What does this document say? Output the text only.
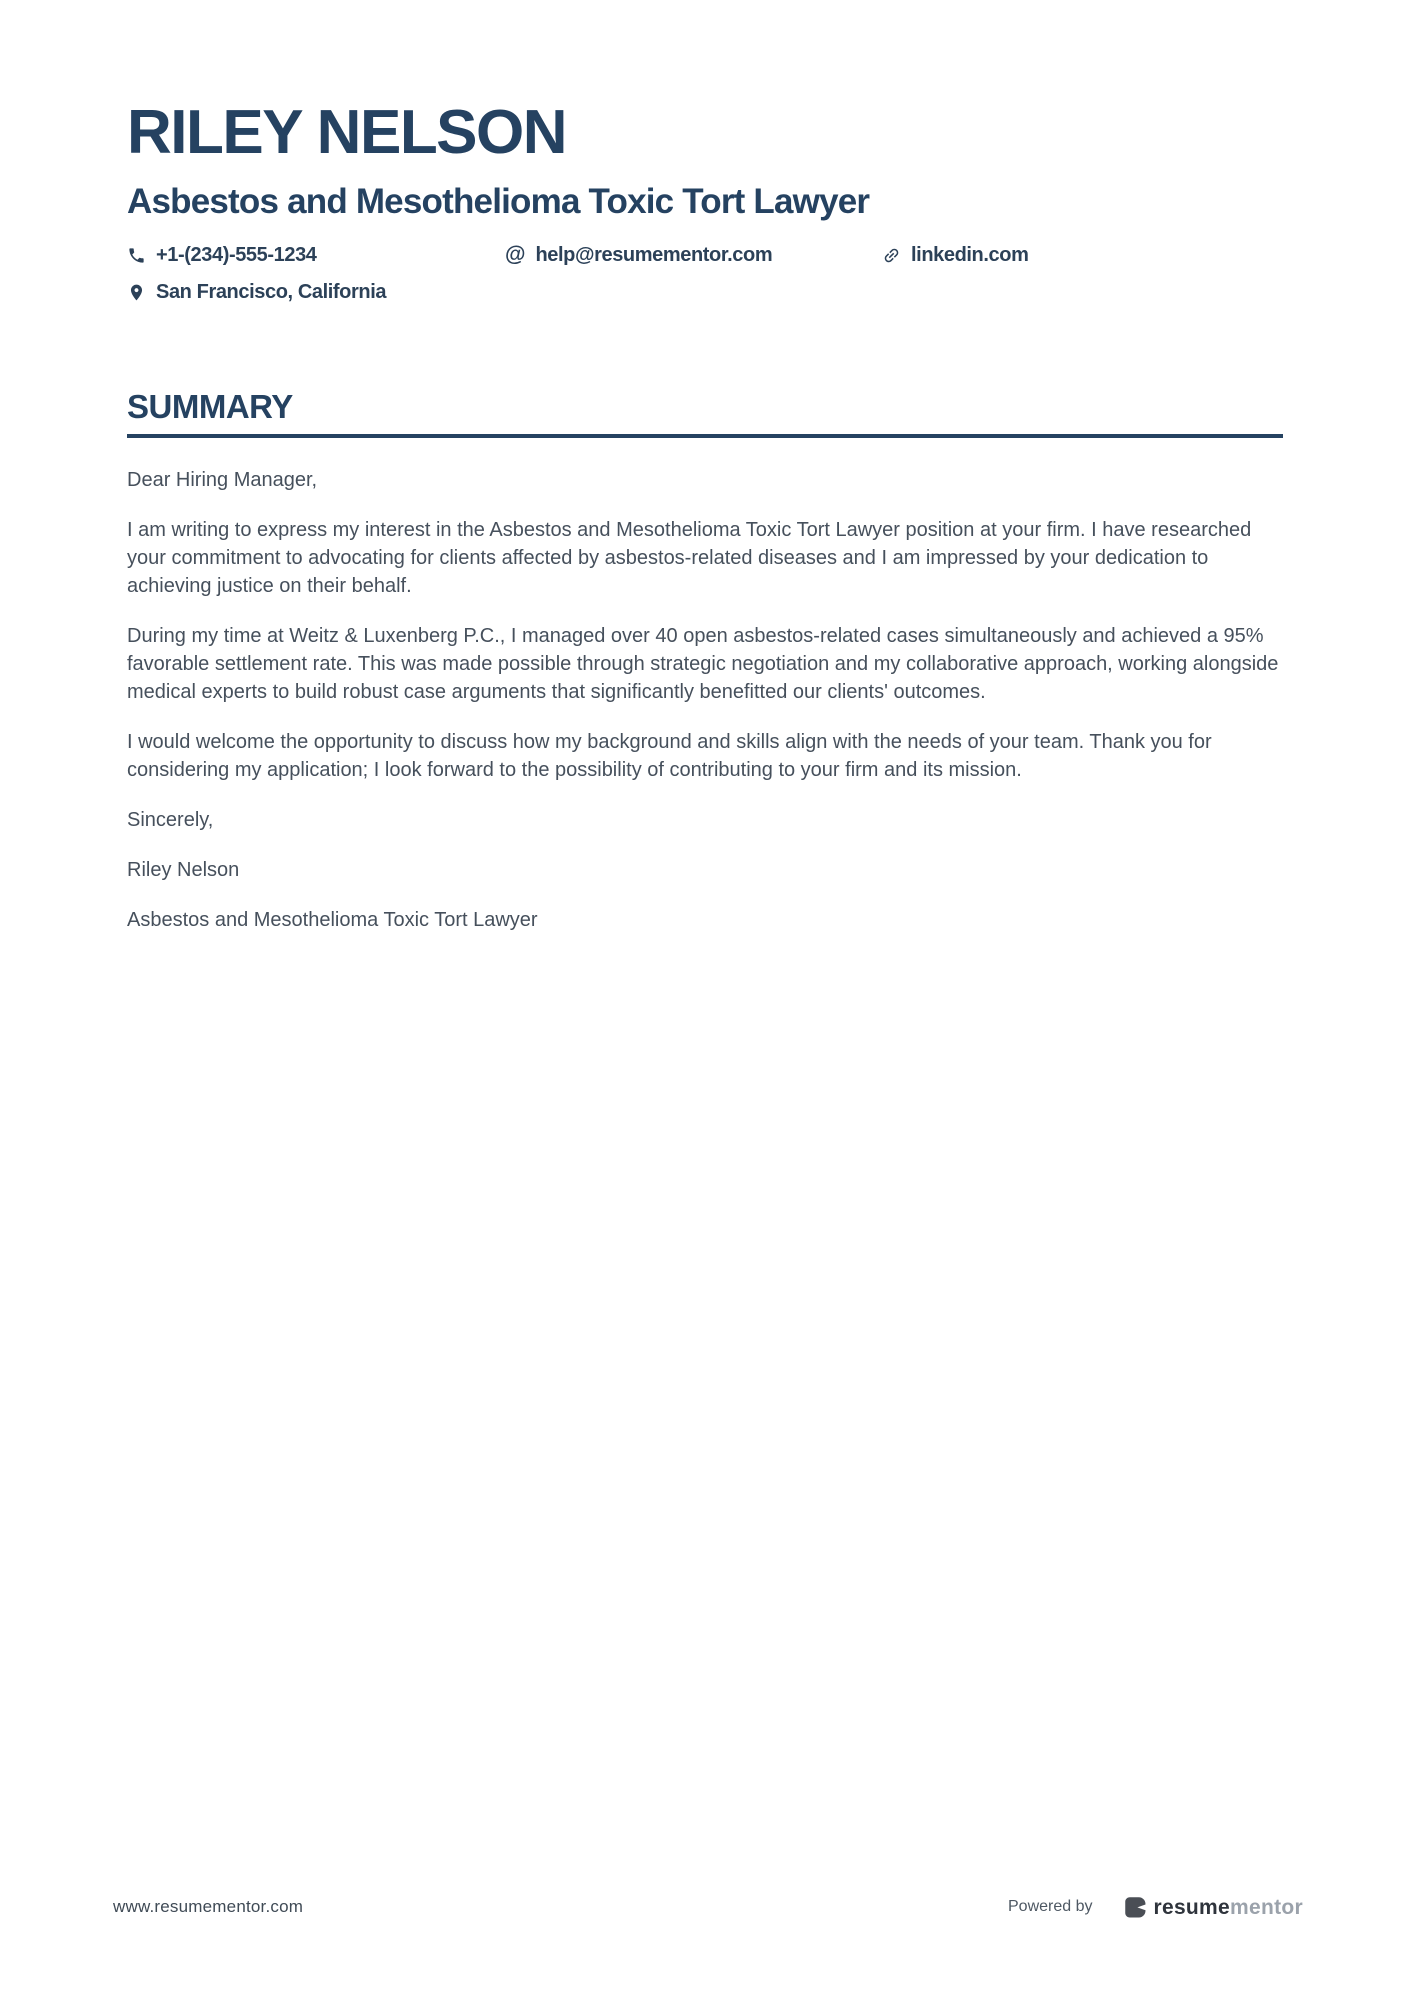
RILEY NELSON
Asbestos and Mesothelioma Toxic Tort Lawyer
+1-(234)-555-1234	@ help@resumementor.com	linkedin.com
San Francisco, California
SUMMARY

Dear Hiring Manager,

I am writing to express my interest in the Asbestos and Mesothelioma Toxic Tort Lawyer position at your firm. I have researched your commitment to advocating for clients affected by asbestos-related diseases and I am impressed by your dedication to achieving justice on their behalf.

During my time at Weitz & Luxenberg P.C., I managed over 40 open asbestos-related cases simultaneously and achieved a 95% favorable settlement rate. This was made possible through strategic negotiation and my collaborative approach, working alongside medical experts to build robust case arguments that significantly benefitted our clients' outcomes.

I would welcome the opportunity to discuss how my background and skills align with the needs of your team. Thank you for considering my application; I look forward to the possibility of contributing to your firm and its mission.

Sincerely,

Riley Nelson

Asbestos and Mesothelioma Toxic Tort Lawyer

www.resumementor.com	Powered by	resumementor
